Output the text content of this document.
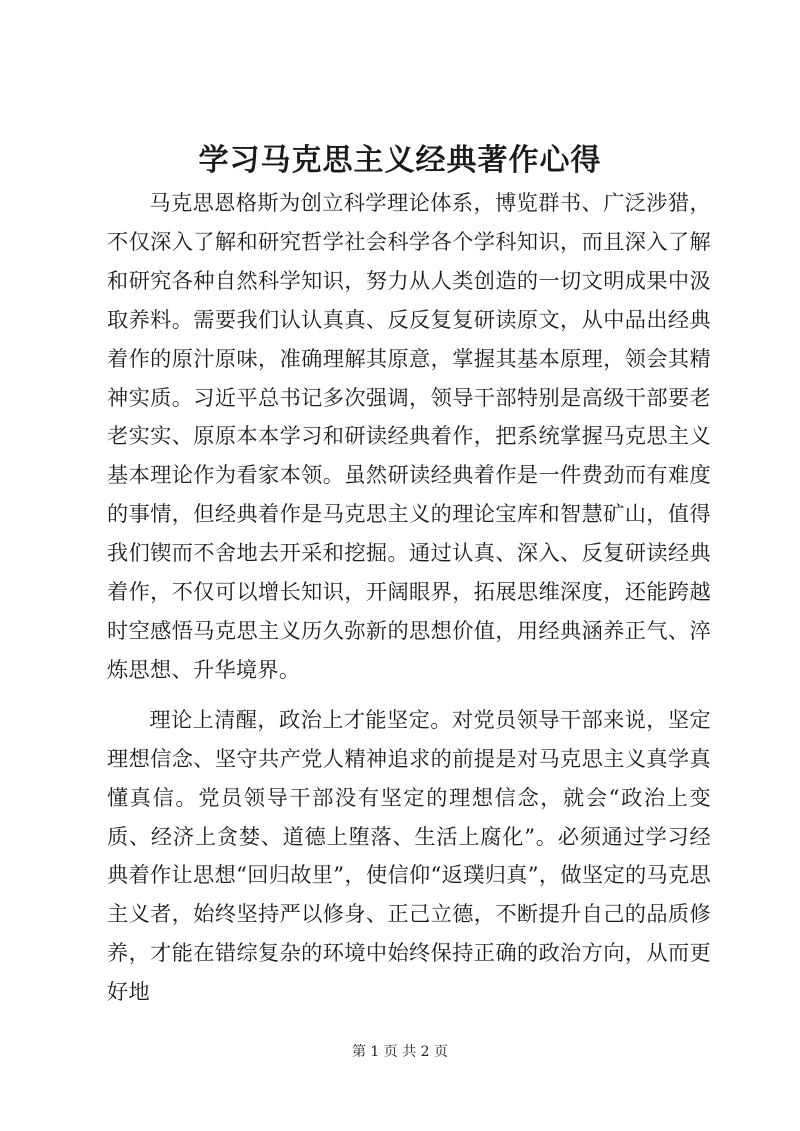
学习马克思主义经典著作心得

马克思恩格斯为创立科学理论体系，博览群书、广泛涉猎，不仅深入了解和研究哲学社会科学各个学科知识，而且深入了解和研究各种自然科学知识，努力从人类创造的一切文明成果中汲取养料。需要我们认认真真、反反复复研读原文，从中品出经典着作的原汁原味，准确理解其原意，掌握其基本原理，领会其精神实质。习近平总书记多次强调，领导干部特别是高级干部要老老实实、原原本本学习和研读经典着作，把系统掌握马克思主义基本理论作为看家本领。虽然研读经典着作是一件费劲而有难度的事情，但经典着作是马克思主义的理论宝库和智慧矿山，值得我们锲而不舍地去开采和挖掘。通过认真、深入、反复研读经典着作，不仅可以增长知识，开阔眼界，拓展思维深度，还能跨越时空感悟马克思主义历久弥新的思想价值，用经典涵养正气、淬炼思想、升华境界。

理论上清醒，政治上才能坚定。对党员领导干部来说，坚定理想信念、坚守共产党人精神追求的前提是对马克思主义真学真懂真信。党员领导干部没有坚定的理想信念，就会“政治上变质、经济上贪婪、道德上堕落、生活上腐化”。必须通过学习经典着作让思想“回归故里”，使信仰“返璞归真”，做坚定的马克思主义者，始终坚持严以修身、正己立德，不断提升自己的品质修养，才能在错综复杂的环境中始终保持正确的政治方向，从而更好地

第 1 页 共 2 页
